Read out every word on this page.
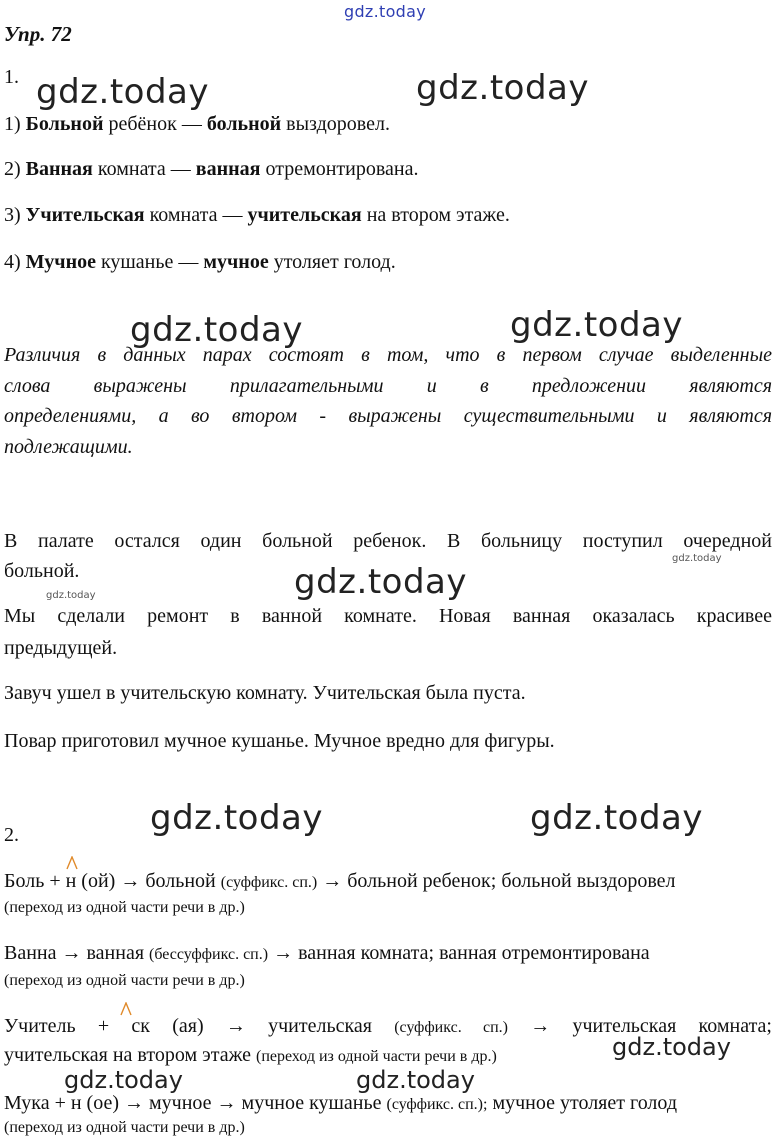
gdz.today
gdz.today	gdz.today
gdz.today	gdz.today
gdz.today
gdz.today	gdz.today
gdz.today	gdz.today
gdz.today
gdz.today	gdz.today
Упр. 72
1.
1) Больной ребёнок — больной выздоровел.
2) Ванная комната — ванная отремонтирована.
3) Учительская комната — учительская на втором этаже.
4) Мучное кушанье — мучное утоляет голод.
Различия в данных парах состоят в том, что в первом случае выделенные
слова выражены прилагательными и в предложении являются
определениями, а во втором - выражены существительными и являются
подлежащими.
В палате остался один больной ребенок. В больницу поступил очередной
больной.
Мы сделали ремонт в ванной комнате. Новая ванная оказалась красивее
предыдущей.
Завуч ушел в учительскую комнату. Учительская была пуста.
Повар приготовил мучное кушанье. Мучное вредно для фигуры.
2.
Боль + н (ой) → больной (суффикс. сп.) → больной ребенок; больной выздоровел
(переход из одной части речи в др.)
Ванна → ванная (бессуффикс. сп.) → ванная комната; ванная отремонтирована
(переход из одной части речи в др.)
Учитель + ск (ая) → учительская (суффикс. сп.) → учительская комната;
учительская на втором этаже (переход из одной части речи в др.)
Мука + н (ое) → мучное → мучное кушанье (суффикс. сп.); мучное утоляет голод
(переход из одной части речи в др.)
